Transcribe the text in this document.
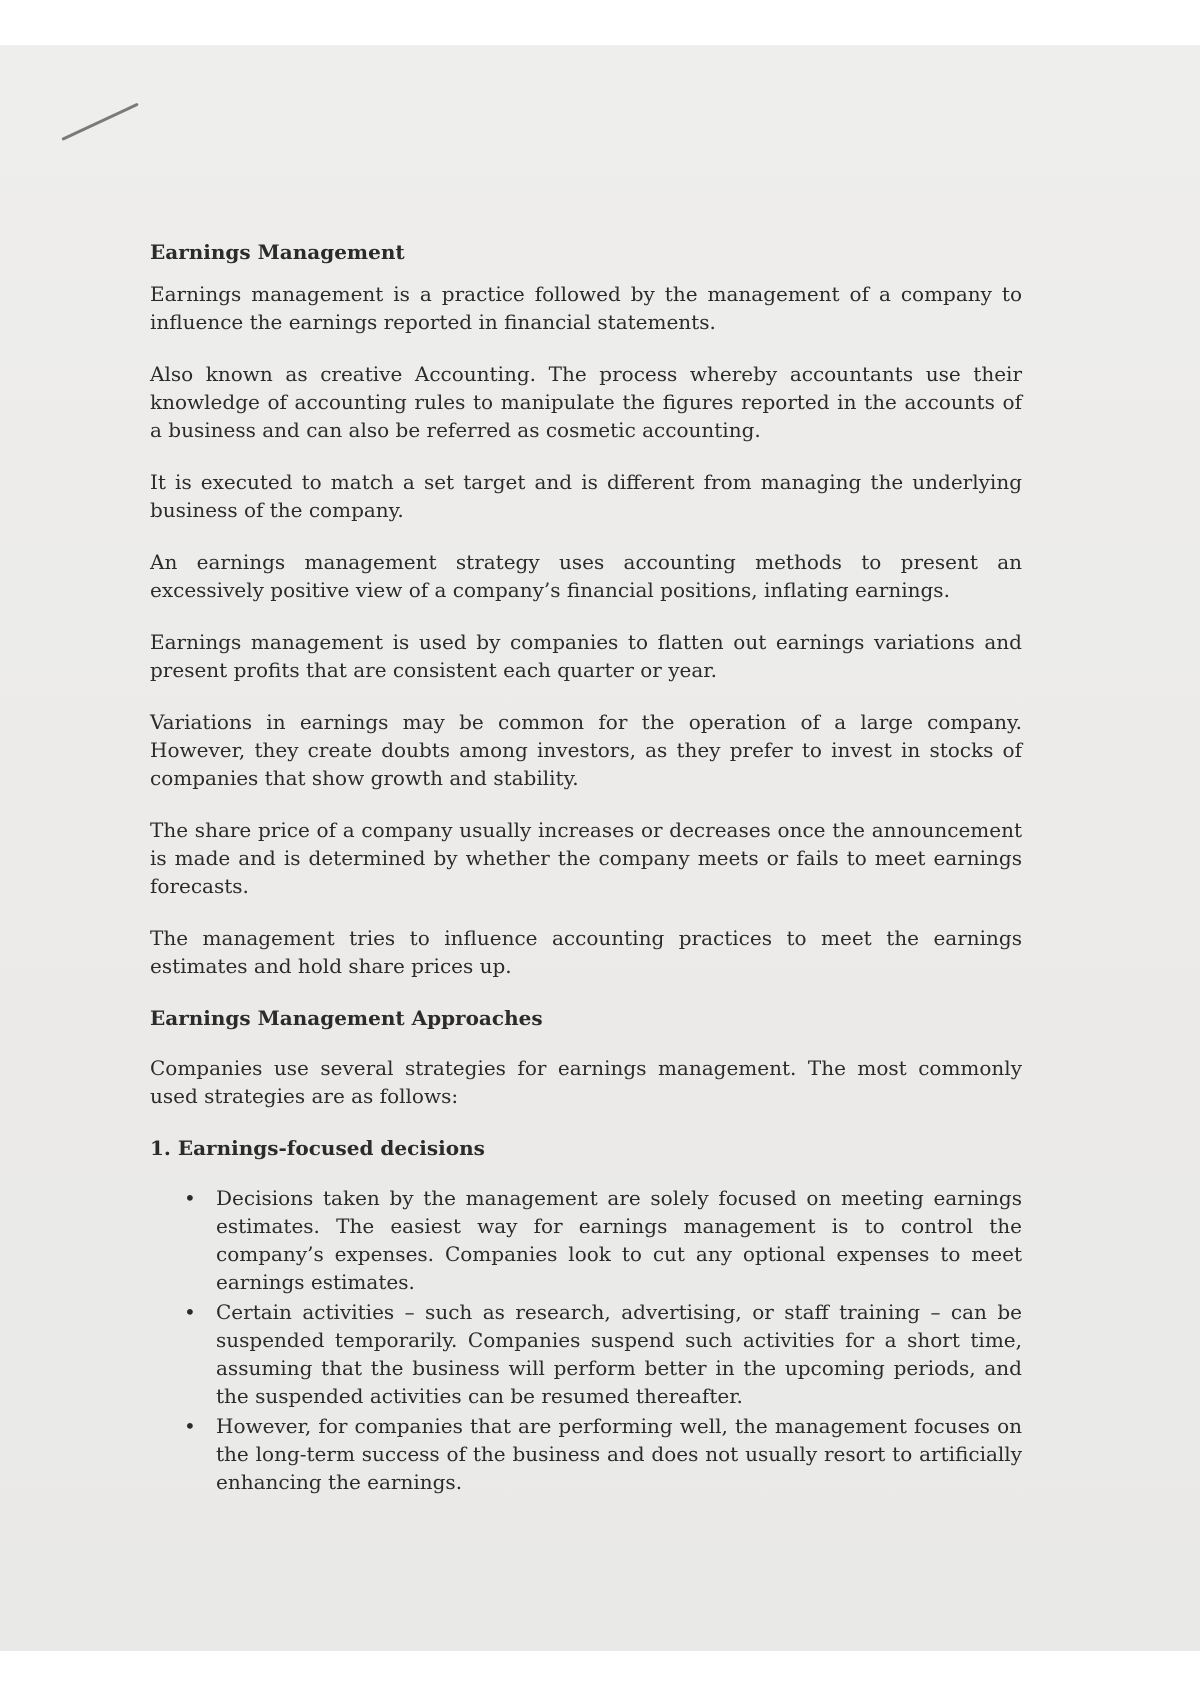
Earnings Management

Earnings management is a practice followed by the management of a company to influence the earnings reported in financial statements.

Also known as creative Accounting. The process whereby accountants use their knowledge of accounting rules to manipulate the figures reported in the accounts of a business and can also be referred as cosmetic accounting.

It is executed to match a set target and is different from managing the underlying business of the company.

An earnings management strategy uses accounting methods to present an excessively positive view of a company’s financial positions, inflating earnings.

Earnings management is used by companies to flatten out earnings variations and present profits that are consistent each quarter or year.

Variations in earnings may be common for the operation of a large company. However, they create doubts among investors, as they prefer to invest in stocks of companies that show growth and stability.

The share price of a company usually increases or decreases once the announcement is made and is determined by whether the company meets or fails to meet earnings forecasts.

The management tries to influence accounting practices to meet the earnings estimates and hold share prices up.

Earnings Management Approaches

Companies use several strategies for earnings management. The most commonly used strategies are as follows:

1. Earnings-focused decisions
• Decisions taken by the management are solely focused on meeting earnings estimates. The easiest way for earnings management is to control the company’s expenses. Companies look to cut any optional expenses to meet earnings estimates.
• Certain activities – such as research, advertising, or staff training – can be suspended temporarily. Companies suspend such activities for a short time, assuming that the business will perform better in the upcoming periods, and the suspended activities can be resumed thereafter.
• However, for companies that are performing well, the management focuses on the long-term success of the business and does not usually resort to artificially enhancing the earnings.
